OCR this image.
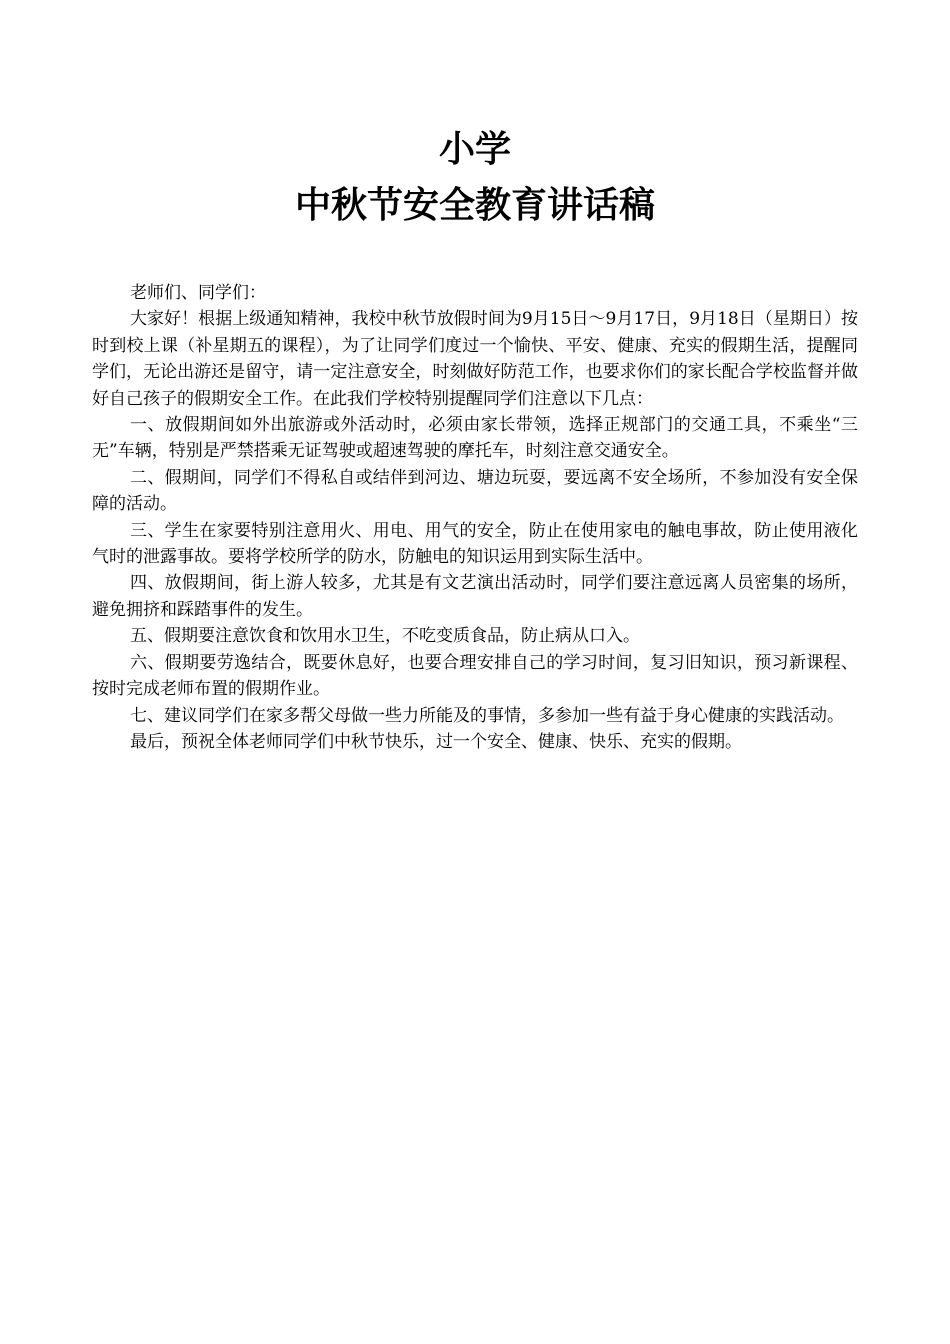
小学
中秋节安全教育讲话稿

老师们、同学们：

大家好！根据上级通知精神，我校中秋节放假时间为9月15日～9月17日，9月18日（星期日）按时到校上课（补星期五的课程），为了让同学们度过一个愉快、平安、健康、充实的假期生活，提醒同学们，无论出游还是留守，请一定注意安全，时刻做好防范工作，也要求你们的家长配合学校监督并做好自己孩子的假期安全工作。在此我们学校特别提醒同学们注意以下几点：

一、放假期间如外出旅游或外活动时，必须由家长带领，选择正规部门的交通工具，不乘坐“三无”车辆，特别是严禁搭乘无证驾驶或超速驾驶的摩托车，时刻注意交通安全。

二、假期间，同学们不得私自或结伴到河边、塘边玩耍，要远离不安全场所，不参加没有安全保障的活动。

三、学生在家要特别注意用火、用电、用气的安全，防止在使用家电的触电事故，防止使用液化气时的泄露事故。要将学校所学的防水，防触电的知识运用到实际生活中。

四、放假期间，街上游人较多，尤其是有文艺演出活动时，同学们要注意远离人员密集的场所，避免拥挤和踩踏事件的发生。

五、假期要注意饮食和饮用水卫生，不吃变质食品，防止病从口入。

六、假期要劳逸结合，既要休息好，也要合理安排自己的学习时间，复习旧知识，预习新课程、按时完成老师布置的假期作业。

七、建议同学们在家多帮父母做一些力所能及的事情，多参加一些有益于身心健康的实践活动。

最后，预祝全体老师同学们中秋节快乐，过一个安全、健康、快乐、充实的假期。
